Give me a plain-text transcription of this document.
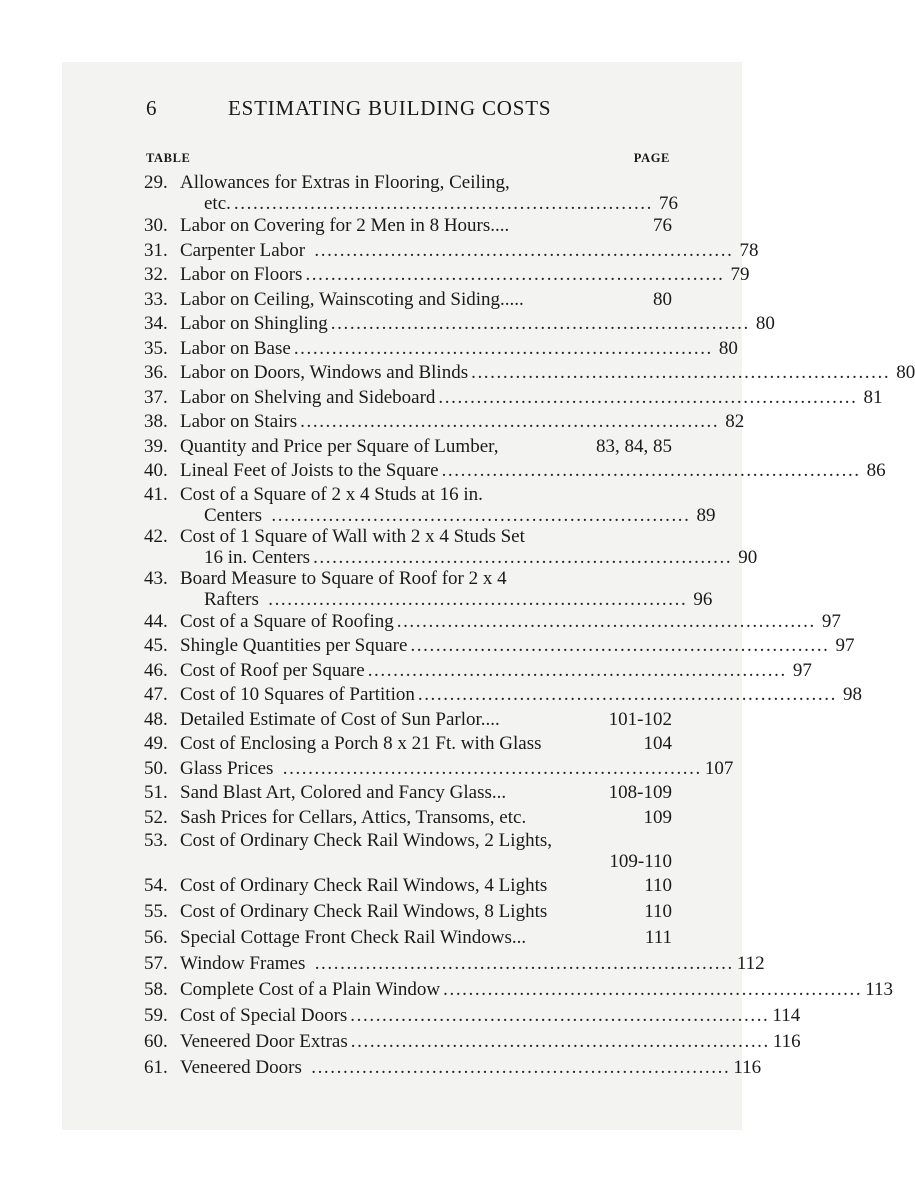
6	ESTIMATING BUILDING COSTS
TABLE	PAGE
29. Allowances for Extras in Flooring, Ceiling,
etc. .................................................................. 76
30. Labor on Covering for 2 Men in 8 Hours....	76
31. Carpenter Labor .................................................................. 78
32. Labor on Floors .................................................................. 79
33. Labor on Ceiling, Wainscoting and Siding.....	80
34. Labor on Shingling .................................................................. 80
35. Labor on Base .................................................................. 80
36. Labor on Doors, Windows and Blinds .................................................................. 80
37. Labor on Shelving and Sideboard .................................................................. 81
38. Labor on Stairs .................................................................. 82
39. Quantity and Price per Square of Lumber,	83, 84, 85
40. Lineal Feet of Joists to the Square .................................................................. 86
41. Cost of a Square of 2 x 4 Studs at 16 in.
Centers .................................................................. 89
42. Cost of 1 Square of Wall with 2 x 4 Studs Set
16 in. Centers .................................................................. 90
43. Board Measure to Square of Roof for 2 x 4
Rafters .................................................................. 96
44. Cost of a Square of Roofing .................................................................. 97
45. Shingle Quantities per Square .................................................................. 97
46. Cost of Roof per Square .................................................................. 97
47. Cost of 10 Squares of Partition .................................................................. 98
48. Detailed Estimate of Cost of Sun Parlor....	101-102
49. Cost of Enclosing a Porch 8 x 21 Ft. with Glass	104
50. Glass Prices .................................................................. 107
51. Sand Blast Art, Colored and Fancy Glass...	108-109
52. Sash Prices for Cellars, Attics, Transoms, etc.	109
53. Cost of Ordinary Check Rail Windows, 2 Lights,
109-110
54. Cost of Ordinary Check Rail Windows, 4 Lights	110
55. Cost of Ordinary Check Rail Windows, 8 Lights	110
56. Special Cottage Front Check Rail Windows...	111
57. Window Frames .................................................................. 112
58. Complete Cost of a Plain Window .................................................................. 113
59. Cost of Special Doors .................................................................. 114
60. Veneered Door Extras .................................................................. 116
61. Veneered Doors .................................................................. 116
